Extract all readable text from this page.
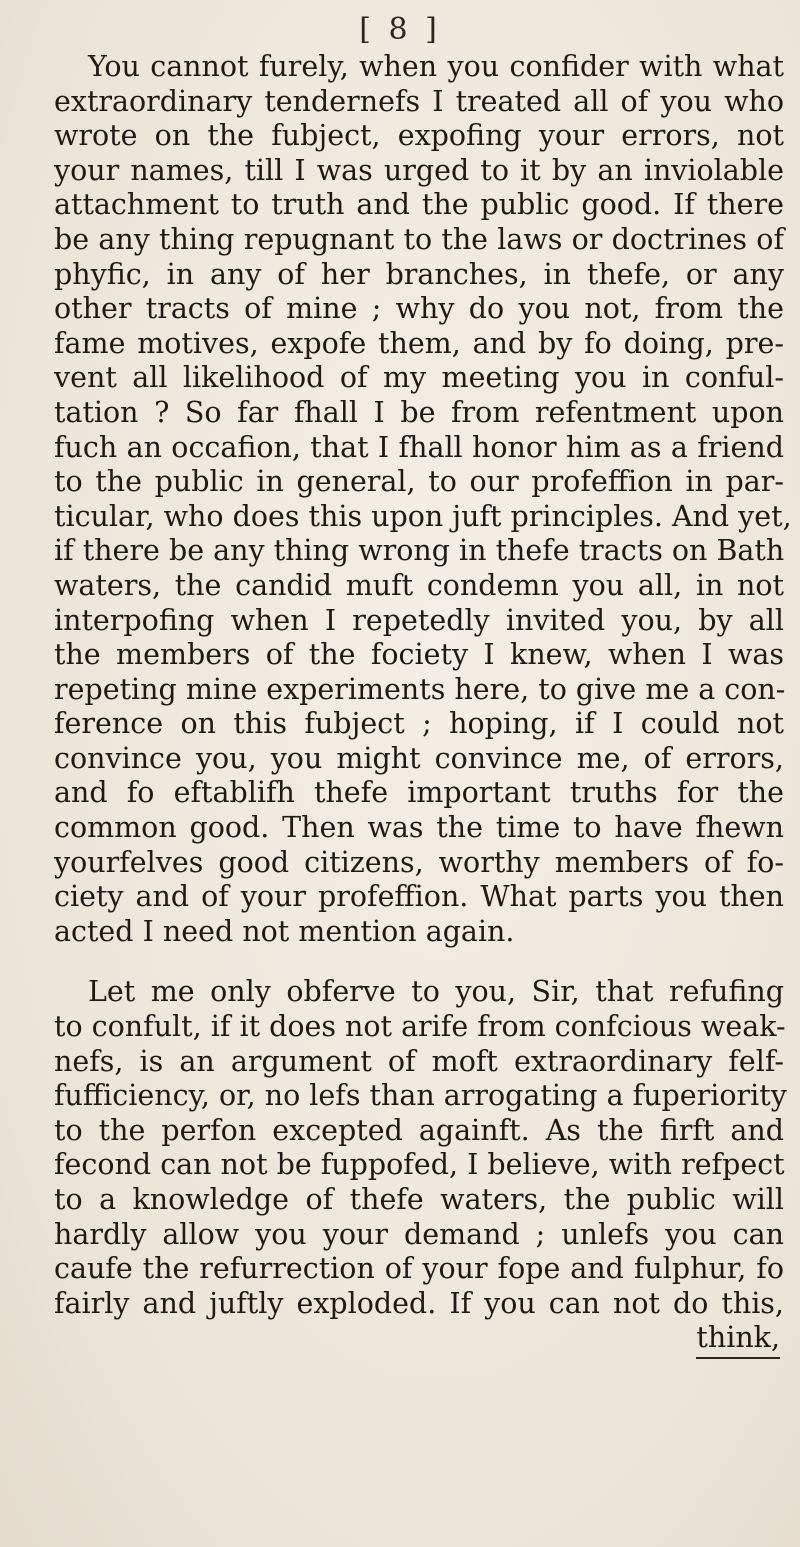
[ 8 ]
You cannot furely, when you confider with what
extraordinary tendernefs I treated all of you who
wrote on the fubject, expofing your errors, not
your names, till I was urged to it by an inviolable
attachment to truth and the public good. If there
be any thing repugnant to the laws or doctrines of
phyfic, in any of her branches, in thefe, or any
other tracts of mine ; why do you not, from the
fame motives, expofe them, and by fo doing, pre-
vent all likelihood of my meeting you in conful-
tation ? So far fhall I be from refentment upon
fuch an occafion, that I fhall honor him as a friend
to the public in general, to our profeffion in par-
ticular, who does this upon juft principles. And yet,
if there be any thing wrong in thefe tracts on Bath
waters, the candid muft condemn you all, in not
interpofing when I repetedly invited you, by all
the members of the fociety I knew, when I was
repeting mine experiments here, to give me a con-
ference on this fubject ; hoping, if I could not
convince you, you might convince me, of errors,
and fo eftablifh thefe important truths for the
common good. Then was the time to have fhewn
yourfelves good citizens, worthy members of fo-
ciety and of your profeffion. What parts you then
acted I need not mention again.
Let me only obferve to you, Sir, that refufing
to confult, if it does not arife from confcious weak-
nefs, is an argument of moft extraordinary felf-
fufficiency, or, no lefs than arrogating a fuperiority
to the perfon excepted againft. As the firft and
fecond can not be fuppofed, I believe, with refpect
to a knowledge of thefe waters, the public will
hardly allow you your demand ; unlefs you can
caufe the refurrection of your fope and fulphur, fo
fairly and juftly exploded. If you can not do this,
think,
